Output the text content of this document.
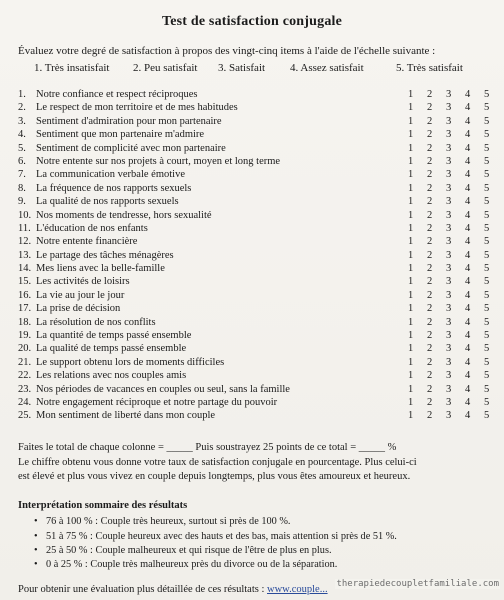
Test de satisfaction conjugale
Évaluez votre degré de satisfaction à propos des vingt-cinq items à l'aide de l'échelle suivante :
1. Très insatisfait 2. Peu satisfait 3. Satisfait 4. Assez satisfait	5. Très satisfait
1. Notre confiance et respect réciproques	1 2 3 4 5
2. Le respect de mon territoire et de mes habitudes	1 2 3 4 5
3. Sentiment d'admiration pour mon partenaire	1 2 3 4 5
4. Sentiment que mon partenaire m'admire	1 2 3 4 5
5. Sentiment de complicité avec mon partenaire	1 2 3 4 5
6. Notre entente sur nos projets à court, moyen et long terme	1 2 3 4 5
7. La communication verbale émotive	1 2 3 4 5
8. La fréquence de nos rapports sexuels	1 2 3 4 5
9. La qualité de nos rapports sexuels	1 2 3 4 5
10. Nos moments de tendresse, hors sexualité	1 2 3 4 5
11. L'éducation de nos enfants	1 2 3 4 5
12. Notre entente financière	1 2 3 4 5
13. Le partage des tâches ménagères	1 2 3 4 5
14. Mes liens avec la belle-famille	1 2 3 4 5
15. Les activités de loisirs	1 2 3 4 5
16. La vie au jour le jour	1 2 3 4 5
17. La prise de décision	1 2 3 4 5
18. La résolution de nos conflits	1 2 3 4 5
19. La quantité de temps passé ensemble	1 2 3 4 5
20. La qualité de temps passé ensemble	1 2 3 4 5
21. Le support obtenu lors de moments difficiles	1 2 3 4 5
22. Les relations avec nos couples amis	1 2 3 4 5
23. Nos périodes de vacances en couples ou seul, sans la famille	1 2 3 4 5
24. Notre engagement réciproque et notre partage du pouvoir	1 2 3 4 5
25. Mon sentiment de liberté dans mon couple	1 2 3 4 5
Faites le total de chaque colonne = _____ Puis soustrayez 25 points de ce total = _____ %
Le chiffre obtenu vous donne votre taux de satisfaction conjugale en pourcentage. Plus celui-ci
est élevé et plus vous vivez en couple depuis longtemps, plus vous êtes amoureux et heureux.
Interprétation sommaire des résultats
• 76 à 100 % : Couple très heureux, surtout si près de 100 %.
• 51 à 75 % : Couple heureux avec des hauts et des bas, mais attention si près de 51 %.
• 25 à 50 % : Couple malheureux et qui risque de l'être de plus en plus.
• 0 à 25 % : Couple très malheureux près du divorce ou de la séparation.
Pour obtenir une évaluation plus détaillée de ces résultats : www.couple... therapiedecoupletfamiliale.com
